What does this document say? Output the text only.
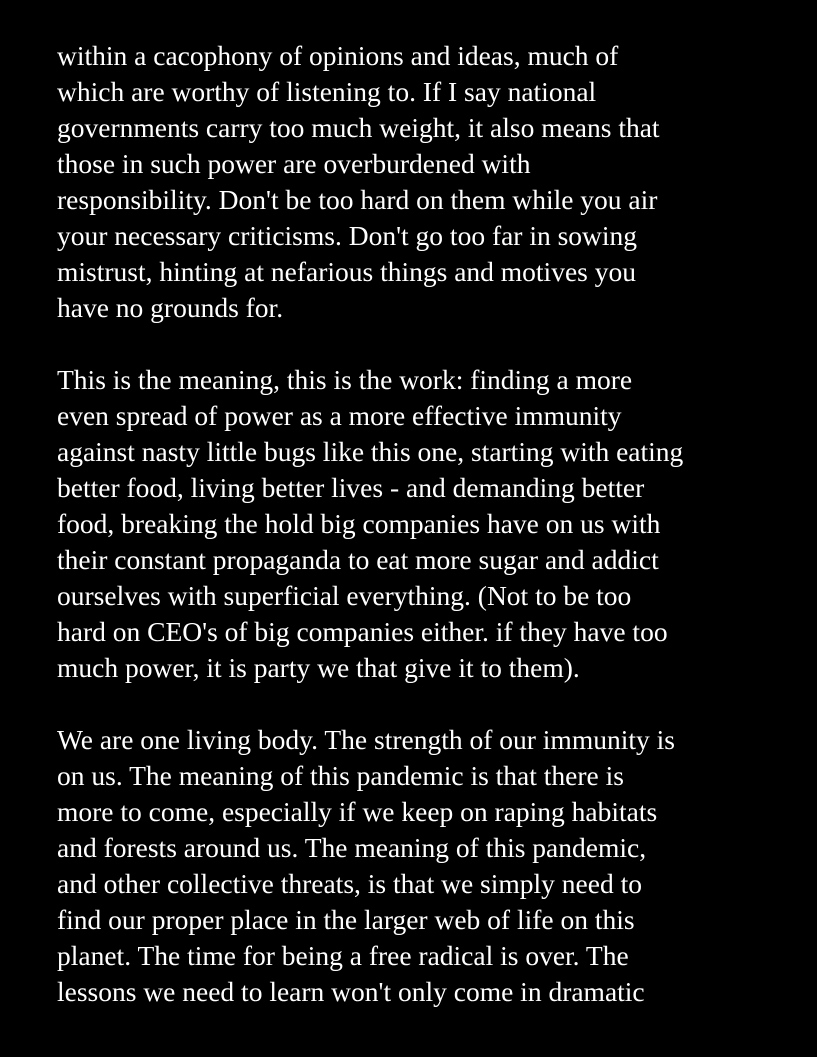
within a cacophony of opinions and ideas, much of
which are worthy of listening to. If I say national
governments carry too much weight, it also means that
those in such power are overburdened with
responsibility. Don't be too hard on them while you air
your necessary criticisms. Don't go too far in sowing
mistrust, hinting at nefarious things and motives you
have no grounds for.
This is the meaning, this is the work: finding a more
even spread of power as a more effective immunity
against nasty little bugs like this one, starting with eating
better food, living better lives - and demanding better
food, breaking the hold big companies have on us with
their constant propaganda to eat more sugar and addict
ourselves with superficial everything. (Not to be too
hard on CEO's of big companies either. if they have too
much power, it is party we that give it to them).
We are one living body. The strength of our immunity is
on us. The meaning of this pandemic is that there is
more to come, especially if we keep on raping habitats
and forests around us. The meaning of this pandemic,
and other collective threats, is that we simply need to
find our proper place in the larger web of life on this
planet. The time for being a free radical is over. The
lessons we need to learn won't only come in dramatic
